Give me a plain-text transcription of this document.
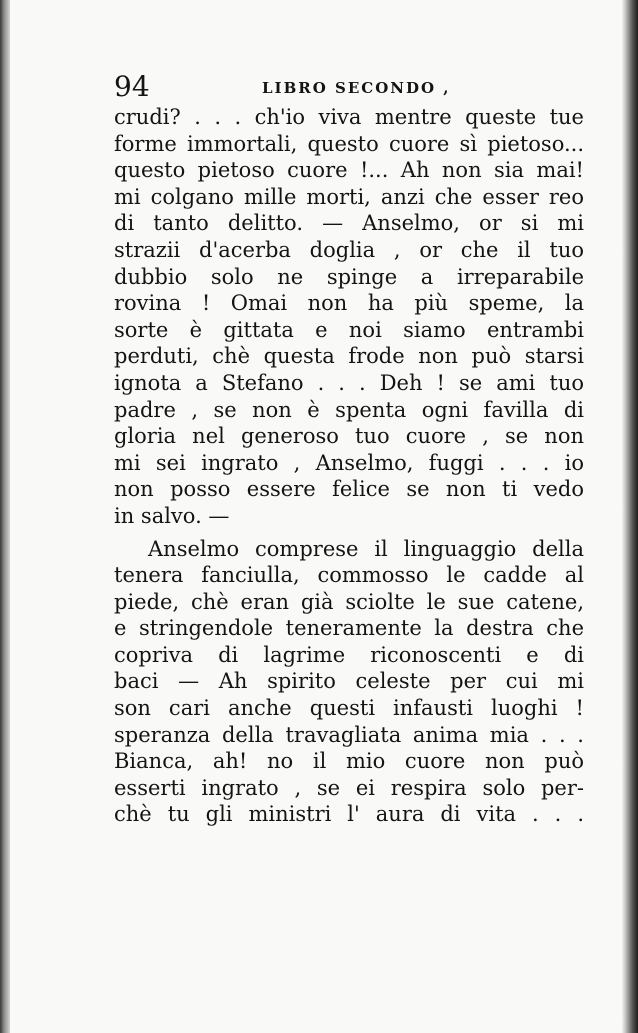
94	LIBRO SECONDO ,
crudi? . . . ch'io viva mentre queste tue
forme immortali, questo cuore sì pietoso...
questo pietoso cuore !... Ah non sia mai!
mi colgano mille morti, anzi che esser reo
di tanto delitto. — Anselmo, or si mi
strazii d'acerba doglia , or che il tuo
dubbio solo ne spinge a irreparabile
rovina ! Omai non ha più speme, la
sorte è gittata e noi siamo entrambi
perduti, chè questa frode non può starsi
ignota a Stefano . . . Deh ! se ami tuo
padre , se non è spenta ogni favilla di
gloria nel generoso tuo cuore , se non
mi sei ingrato , Anselmo, fuggi . . . io
non posso essere felice se non ti vedo
in salvo. —
Anselmo comprese il linguaggio della
tenera fanciulla, commosso le cadde al
piede, chè eran già sciolte le sue catene,
e stringendole teneramente la destra che
copriva di lagrime riconoscenti e di
baci — Ah spirito celeste per cui mi
son cari anche questi infausti luoghi !
speranza della travagliata anima mia . . .
Bianca, ah! no il mio cuore non può
esserti ingrato , se ei respira solo per-
chè tu gli ministri l' aura di vita . . .
